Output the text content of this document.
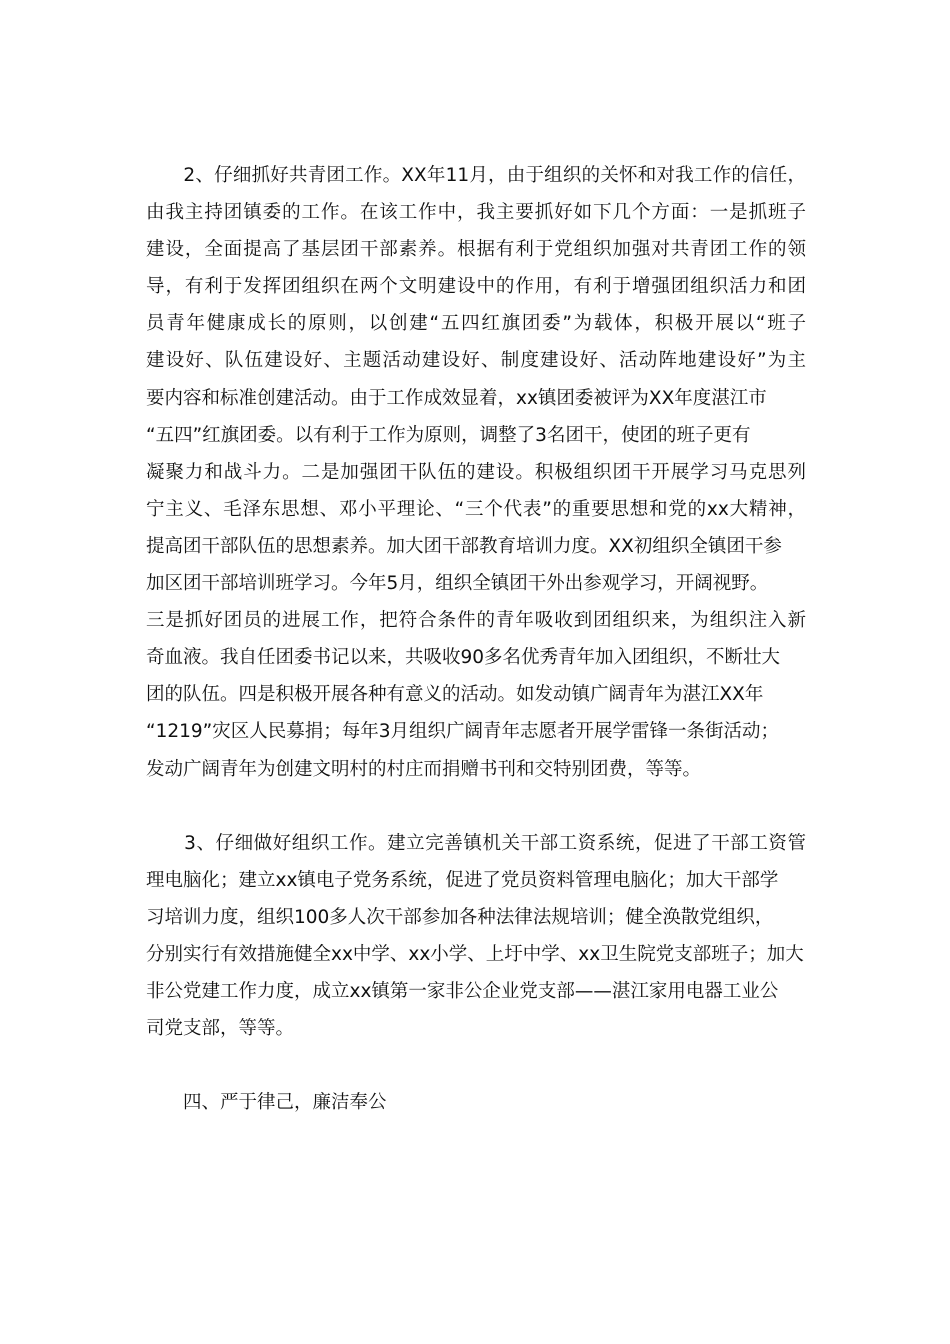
　　2、仔细抓好共青团工作。XX年11月，由于组织的关怀和对我工作的信任，
由我主持团镇委的工作。在该工作中，我主要抓好如下几个方面：一是抓班子
建设，全面提高了基层团干部素养。根据有利于党组织加强对共青团工作的领
导，有利于发挥团组织在两个文明建设中的作用，有利于增强团组织活力和团
员青年健康成长的原则，以创建“五四红旗团委”为载体，积极开展以“班子
建设好、队伍建设好、主题活动建设好、制度建设好、活动阵地建设好”为主
要内容和标准创建活动。由于工作成效显着，xx镇团委被评为XX年度湛江市
“五四”红旗团委。以有利于工作为原则，调整了3名团干，使团的班子更有
凝聚力和战斗力。二是加强团干队伍的建设。积极组织团干开展学习马克思列
宁主义、毛泽东思想、邓小平理论、“三个代表”的重要思想和党的xx大精神，
提高团干部队伍的思想素养。加大团干部教育培训力度。XX初组织全镇团干参
加区团干部培训班学习。今年5月，组织全镇团干外出参观学习，开阔视野。
三是抓好团员的进展工作，把符合条件的青年吸收到团组织来，为组织注入新
奇血液。我自任团委书记以来，共吸收90多名优秀青年加入团组织，不断壮大
团的队伍。四是积极开展各种有意义的活动。如发动镇广阔青年为湛江XX年
“1219”灾区人民募捐；每年3月组织广阔青年志愿者开展学雷锋一条街活动；
发动广阔青年为创建文明村的村庄而捐赠书刊和交特别团费，等等。
　　3、仔细做好组织工作。建立完善镇机关干部工资系统，促进了干部工资管
理电脑化；建立xx镇电子党务系统，促进了党员资料管理电脑化；加大干部学
习培训力度，组织100多人次干部参加各种法律法规培训；健全涣散党组织，
分别实行有效措施健全xx中学、xx小学、上圩中学、xx卫生院党支部班子；加大
非公党建工作力度，成立xx镇第一家非公企业党支部——湛江家用电器工业公
司党支部，等等。
　　四、严于律己，廉洁奉公
